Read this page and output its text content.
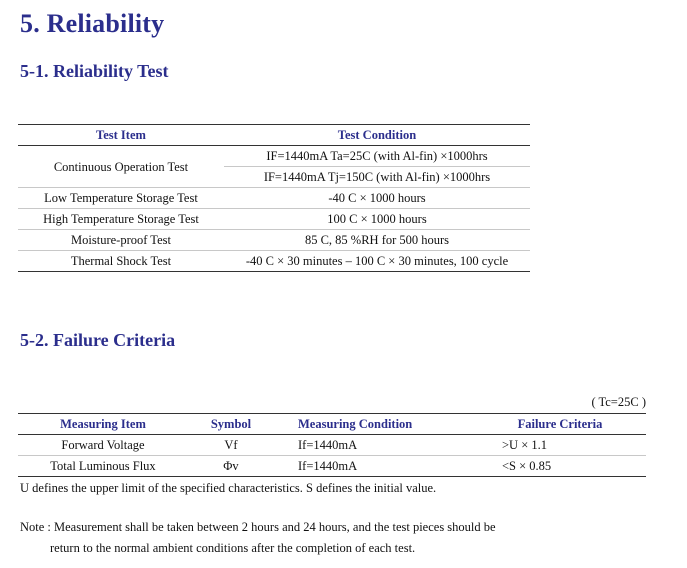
5. Reliability
5-1. Reliability Test
Test Item	Test Condition
Continuous Operation Test	IF=1440mA Ta=25C (with Al-fin) ×1000hrs
	IF=1440mA Tj=150C (with Al-fin) ×1000hrs
Low Temperature Storage Test	-40 C × 1000 hours
High Temperature Storage Test	100 C × 1000 hours
Moisture-proof Test	85 C, 85 %RH for 500 hours
Thermal Shock Test	-40 C × 30 minutes – 100 C × 30 minutes, 100 cycle
5-2. Failure Criteria
( Tc=25C )
Measuring Item	Symbol	Measuring Condition	Failure Criteria
Forward Voltage	Vf	If=1440mA	>U × 1.1
Total Luminous Flux	Φv	If=1440mA	<S × 0.85
U defines the upper limit of the specified characteristics. S defines the initial value.
Note : Measurement shall be taken between 2 hours and 24 hours, and the test pieces should be
return to the normal ambient conditions after the completion of each test.
